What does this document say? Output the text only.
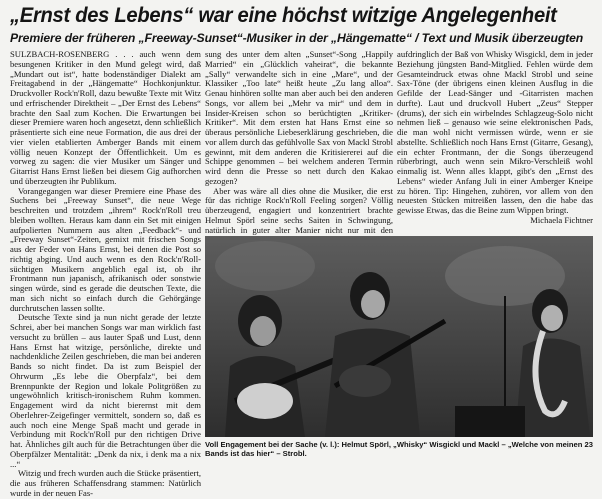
„Ernst des Lebens“ war eine höchst witzige Angelegenheit
Premiere der früheren „Freeway-Sunset“-Musiker in der „Hängematte“ / Text und Musik überzeugten

SULZBACH-ROSENBERG . . . auch wenn dem besungenen Kritiker in den Mund gelegt wird, daß „Mundart out ist“, hatte bodenständiger Dialekt am Freitagabend in der „Hängematte“ Hochkonjunktur. Druckvoller Rock'n'Roll, dazu bewußte Texte mit Witz und erfrischender Direktheit – „Der Ernst des Lebens“ brachte den Saal zum Kochen. Die Erwartungen bei dieser Premiere waren hoch angesetzt, denn schließlich präsentierte sich eine neue Formation, die aus drei der vier vielen etablierten Amberger Bands mit einem völlig neuen Konzept der Öffentlichkeit. Um es vorweg zu sagen: die vier Musiker um Sänger und Gitarrist Hans Ernst ließen bei diesem Gig aufhorchen und überzeugten ihr Publikum.

Vorangegangen war dieser Premiere eine Phase des Suchens bei „Freeway Sunset“, die neue Wege beschreiten und trotzdem „ihrem“ Rock'n'Roll treu bleiben wollten. Heraus kam dann ein Set mit einigen aufpolierten Nummern aus alten „Feedback“- und „Freeway Sunset“-Zeiten, gemixt mit frischen Songs aus der Feder von Hans Ernst, bei denen die Post so richtig abging. Und auch wenn es den Rock'n'Roll-süchtigen Musikern angeblich egal ist, ob ihr Frontmann nun japanisch, afrikanisch oder sonstwie singen würde, sind es gerade die deutschen Texte, die man sich nicht so einfach durch die Gehörgänge durchrutschen lassen sollte.

Deutsche Texte sind ja nun nicht gerade der letzte Schrei, aber bei manchen Songs war man wirklich fast versucht zu brüllen – aus lauter Spaß und Lust, denn Hans Ernst hat witzige, persönliche, direkte und nachdenkliche Zeilen geschrieben, die man bei anderen Bands so nicht findet. Da ist zum Beispiel der Ohrwurm „Es lebe die Oberpfalz“, bei dem Brennpunkte der Region und lokale Politgrößen zu ungewöhnlich kritisch-ironischem Ruhm kommen. Engagement wird da nicht bierernst mit dem Oberlehrer-Zeigefinger vermittelt, sondern so, daß es auch noch eine Menge Spaß macht und gerade in Verbindung mit Rock'n'Roll pur den richtigen Drive hat. Ähnliches gilt auch für die Betrachtungen über die Oberpfälzer Mentalität: „Denk da nix, i denk ma a nix ...“

Witzig und frech wurden auch die Stücke präsentiert, die aus früheren Schaffensdrang stammen: Natürlich wurde in der neuen Fas-

sung des unter dem alten „Sunset“-Song „Happily Married“ ein „Glücklich vaheirat“, die bekannte „Sally“ verwandelte sich in eine „Mare“, und der Klassiker „Too late“ heißt heute „Zu lang alloa“. Genau hinhören sollte man aber auch bei den anderen Songs, vor allem bei „Mehr va mir“ und dem in Insider-Kreisen schon so berüchtigten „Kritiker-Kritiker“. Mit dem ersten hat Hans Ernst eine so überaus persönliche Liebeserklärung geschrieben, die vor allem durch das gefühlvolle Sax von Mackl Strobl gewinnt, mit dem anderen die Kritisiererei auf die Schippe genommen – bei welchem anderen Termin wird denn die Presse so nett durch den Kakao gezogen?

Aber was wäre all dies ohne die Musiker, die erst für das richtige Rock'n'Roll Feeling sorgen? Völlig überzeugend, engagiert und konzentriert brachte Helmut Spörl seine sechs Saiten in Schwingung, natürlich in guter alter Manier nicht nur mit den

aufdringlich der Baß von Whisky Wisgickl, dem in jeder Beziehung jüngsten Band-Mitglied. Fehlen würde dem Gesamteindruck etwas ohne Mackl Strobl und seine Sax-Töne (der übrigens einen kleinen Ausflug in die Gefilde der Lead-Sänger und -Gitarristen machen durfte). Laut und druckvoll Hubert „Zeus“ Stepper (drums), der sich ein wirbelndes Schlagzeug-Solo nicht nehmen ließ – genauso wie seine elektronischen Pads, die man wohl nicht vermissen würde, wenn er sie abstellte. Schließlich noch Hans Ernst (Gitarre, Gesang), ein echter Frontmann, der die Songs überzeugend rüberbringt, auch wenn sein Mikro-Verschleiß wohl einmalig ist. Wenn alles klappt, gibt's den „Ernst des Lebens“ wieder Anfang Juli in einer Amberger Kneipe zu hören. Tip: Hingehen, zuhören, vor allem von den neuesten Stücken mitreißen lassen, den die habe das gewisse Etwas, das die Beine zum Wippen bringt.

Michaela Fichtner

Voll Engagement bei der Sache (v. l.): Helmut Spörl, „Whisky“ Wisgickl und Mackl – „Welche von meinen 23 Bands ist das hier“ – Strobl.
